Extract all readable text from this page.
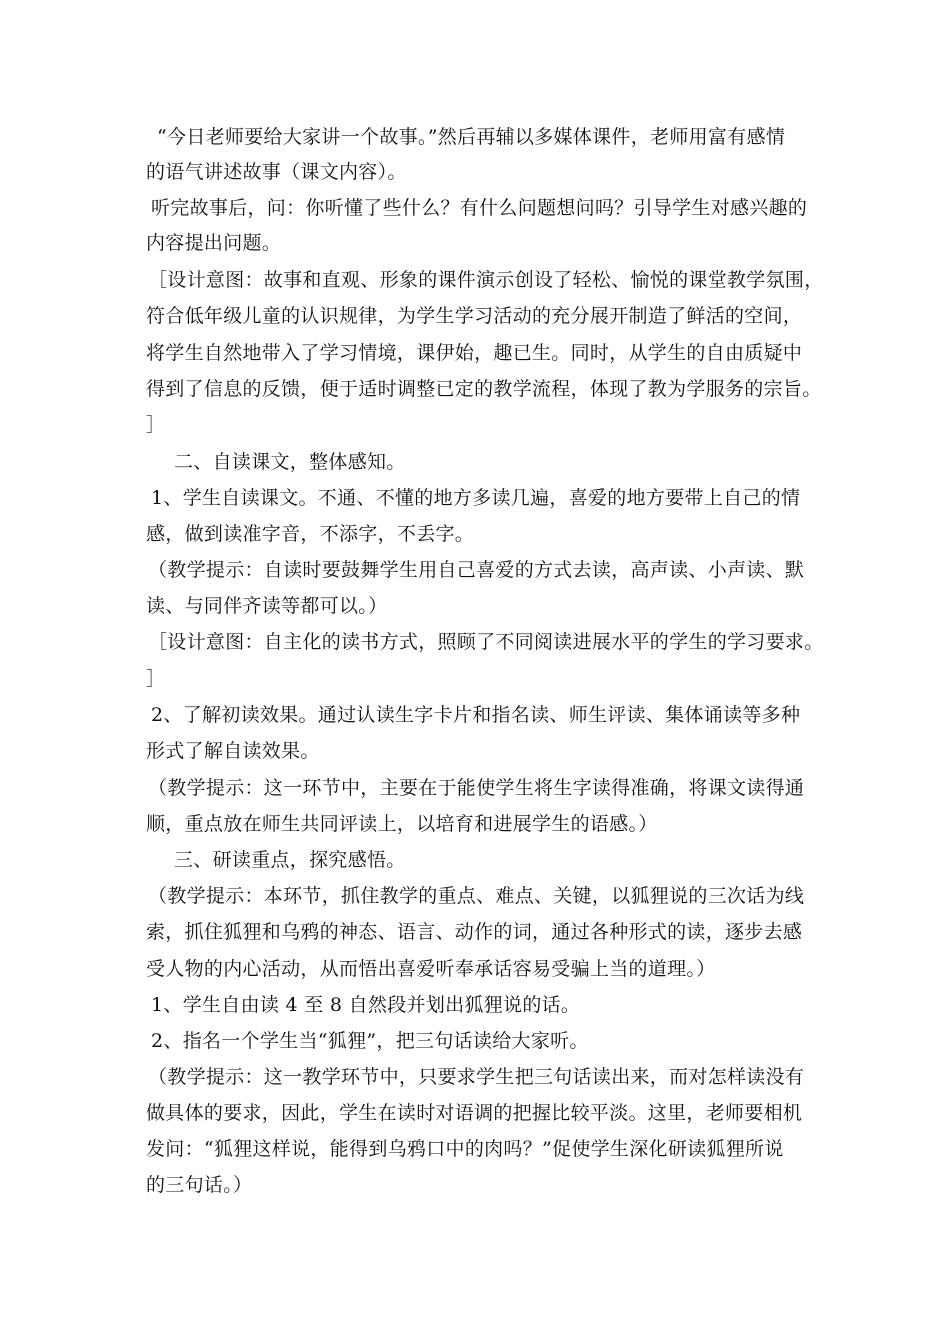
“今日老师要给大家讲一个故事。”然后再辅以多媒体课件，老师用富有感情
的语气讲述故事（课文内容）。
听完故事后，问：你听懂了些什么？有什么问题想问吗？引导学生对感兴趣的
内容提出问题。
［设计意图：故事和直观、形象的课件演示创设了轻松、愉悦的课堂教学氛围，
符合低年级儿童的认识规律，为学生学习活动的充分展开制造了鲜活的空间，
将学生自然地带入了学习情境，课伊始，趣已生。同时，从学生的自由质疑中
得到了信息的反馈，便于适时调整已定的教学流程，体现了教为学服务的宗旨。
］
二、自读课文，整体感知。
1、学生自读课文。不通、不懂的地方多读几遍，喜爱的地方要带上自己的情
感，做到读准字音，不添字，不丢字。
（教学提示：自读时要鼓舞学生用自己喜爱的方式去读，高声读、小声读、默
读、与同伴齐读等都可以。）
［设计意图：自主化的读书方式，照顾了不同阅读进展水平的学生的学习要求。
］
2、了解初读效果。通过认读生字卡片和指名读、师生评读、集体诵读等多种
形式了解自读效果。
（教学提示：这一环节中，主要在于能使学生将生字读得准确，将课文读得通
顺，重点放在师生共同评读上，以培育和进展学生的语感。）
三、研读重点，探究感悟。
（教学提示：本环节，抓住教学的重点、难点、关键，以狐狸说的三次话为线
索，抓住狐狸和乌鸦的神态、语言、动作的词，通过各种形式的读，逐步去感
受人物的内心活动，从而悟出喜爱听奉承话容易受骗上当的道理。）
1、学生自由读 4 至 8 自然段并划出狐狸说的话。
2、指名一个学生当“狐狸”，把三句话读给大家听。
（教学提示：这一教学环节中，只要求学生把三句话读出来，而对怎样读没有
做具体的要求，因此，学生在读时对语调的把握比较平淡。这里，老师要相机
发问：“狐狸这样说，能得到乌鸦口中的肉吗？”促使学生深化研读狐狸所说
的三句话。）
